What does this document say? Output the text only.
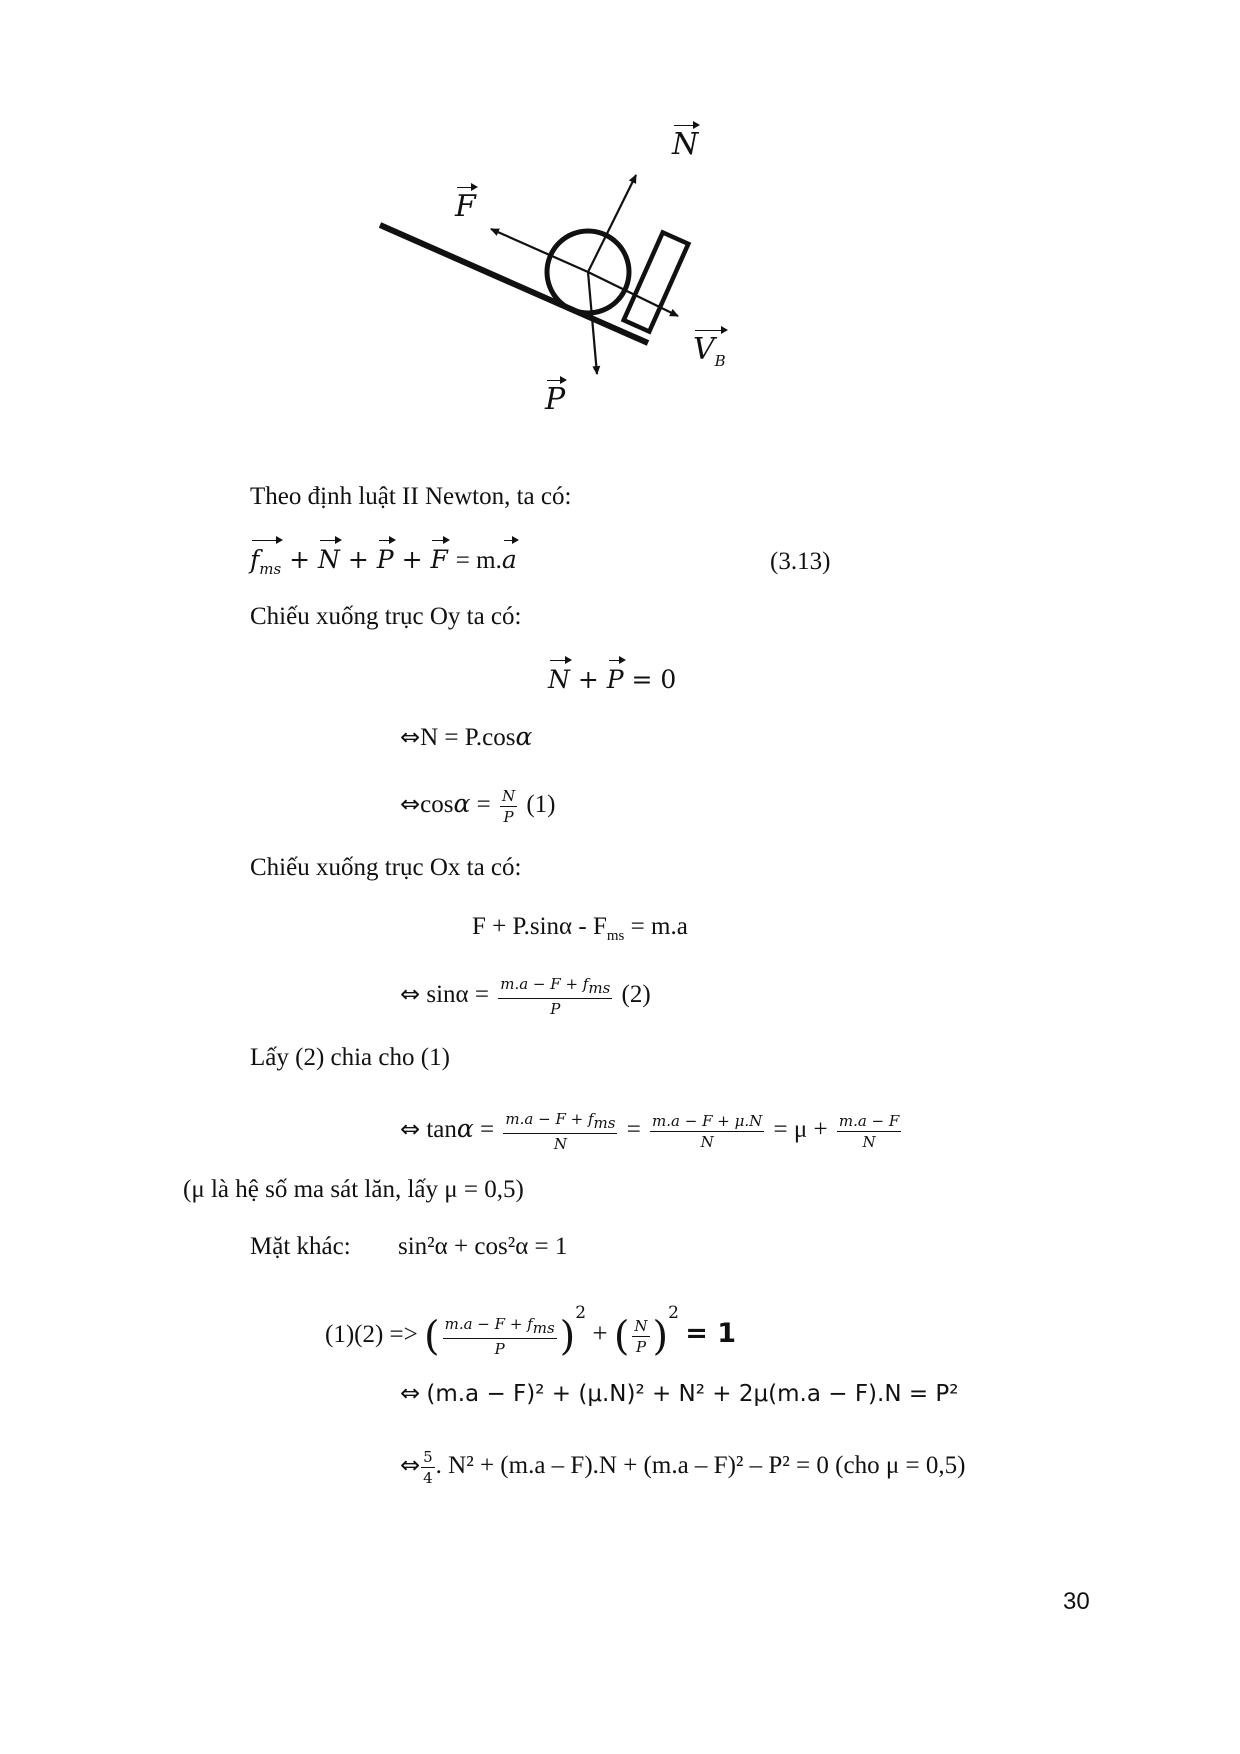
N
F
$V_B$
P
Theo định luật II Newton, ta có:
$f_{ms} + N + P + F = m.a$	(3.13)
Chiếu xuống trục Oy ta có:
N + P = 0
⇔N = P.cosα
⇔cosα = $\frac{N}{P} (1)$
Chiếu xuống trục Ox ta có:
$F + P.\sin\alpha - F_{ms} = m.a$
⇔ $\sin\alpha = \frac{m.a - F + f_{ms}}{P} (2)$
Lấy (2) chia cho (1)
⇔ $\tan\alpha = \frac{m.a - F + f_{ms}}{N} = \frac{m.a - F + \mu.N}{N} = \mu + \frac{m.a - F}{N}$
(μ là hệ số ma sát lăn, lấy μ = 0,5)
Mặt khác: sin²α + cos²α = 1
(1)(2) => ( $\frac{m.a - F + f_{ms}}{P} )^2$ + ( $\frac{N}{P} )^2 = 1$
⇔ (m.a − F)² + (μ.N)² + N² + 2μ(m.a − F).N = P²
⇔ $\frac{5}{4}$ . N² + (m.a – F).N + (m.a – F)² – P² = 0 (cho μ = 0,5)
30
